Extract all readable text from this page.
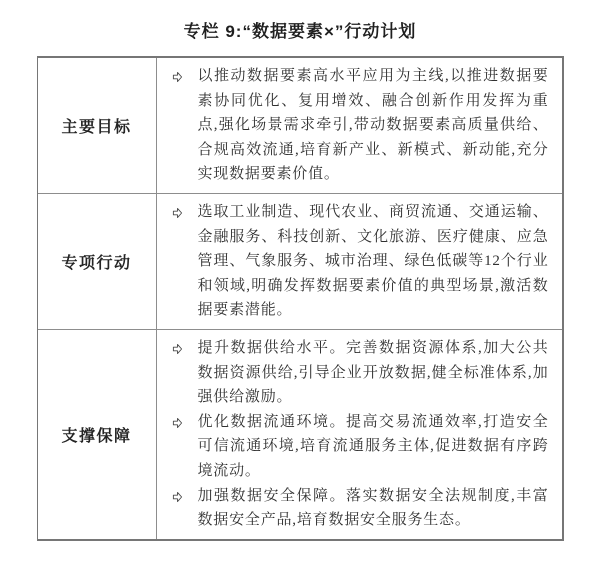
专栏 9:“数据要素×”行动计划
主要目标
以推动数据要素高水平应用为主线,以推进数据要素协同优化、复用增效、融合创新作用发挥为重点,强化场景需求牵引,带动数据要素高质量供给、合规高效流通,培育新产业、新模式、新动能,充分实现数据要素价值。
专项行动
选取工业制造、现代农业、商贸流通、交通运输、金融服务、科技创新、文化旅游、医疗健康、应急管理、气象服务、城市治理、绿色低碳等12个行业和领域,明确发挥数据要素价值的典型场景,激活数据要素潜能。
支撑保障
提升数据供给水平。完善数据资源体系,加大公共数据资源供给,引导企业开放数据,健全标准体系,加强供给激励。
优化数据流通环境。提高交易流通效率,打造安全可信流通环境,培育流通服务主体,促进数据有序跨境流动。
加强数据安全保障。落实数据安全法规制度,丰富数据安全产品,培育数据安全服务生态。
